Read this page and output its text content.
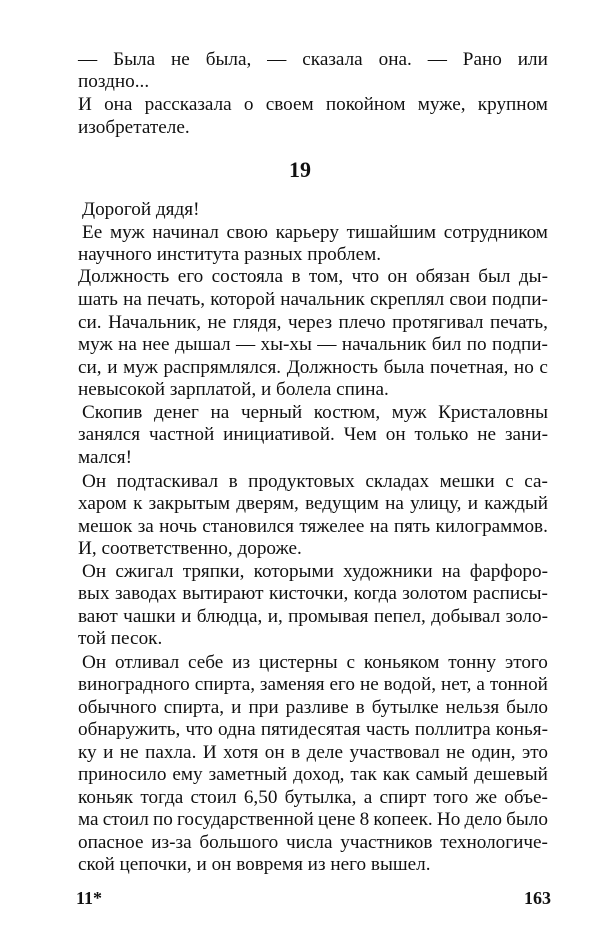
— Была не была, — сказала она. — Рано или
поздно...
И она рассказала о своем покойном муже, крупном
изобретателе.
19
Дорогой дядя!
Ее муж начинал свою карьеру тишайшим сотрудником
научного института разных проблем.
Должность его состояла в том, что он обязан был ды-
шать на печать, которой начальник скреплял свои подпи-
си. Начальник, не глядя, через плечо протягивал печать,
муж на нее дышал — хы-хы — начальник бил по подпи-
си, и муж распрямлялся. Должность была почетная, но с
невысокой зарплатой, и болела спина.
Скопив денег на черный костюм, муж Кристаловны
занялся частной инициативой. Чем он только не зани-
мался!
Он подтаскивал в продуктовых складах мешки с са-
харом к закрытым дверям, ведущим на улицу, и каждый
мешок за ночь становился тяжелее на пять килограммов.
И, соответственно, дороже.
Он сжигал тряпки, которыми художники на фарфоро-
вых заводах вытирают кисточки, когда золотом расписы-
вают чашки и блюдца, и, промывая пепел, добывал золо-
той песок.
Он отливал себе из цистерны с коньяком тонну этого
виноградного спирта, заменяя его не водой, нет, а тонной
обычного спирта, и при разливе в бутылке нельзя было
обнаружить, что одна пятидесятая часть поллитра конья-
ку и не пахла. И хотя он в деле участвовал не один, это
приносило ему заметный доход, так как самый дешевый
коньяк тогда стоил 6,50 бутылка, а спирт того же объе-
ма стоил по государственной цене 8 копеек. Но дело было
опасное из-за большого числа участников технологиче-
ской цепочки, и он вовремя из него вышел.
11*	163
